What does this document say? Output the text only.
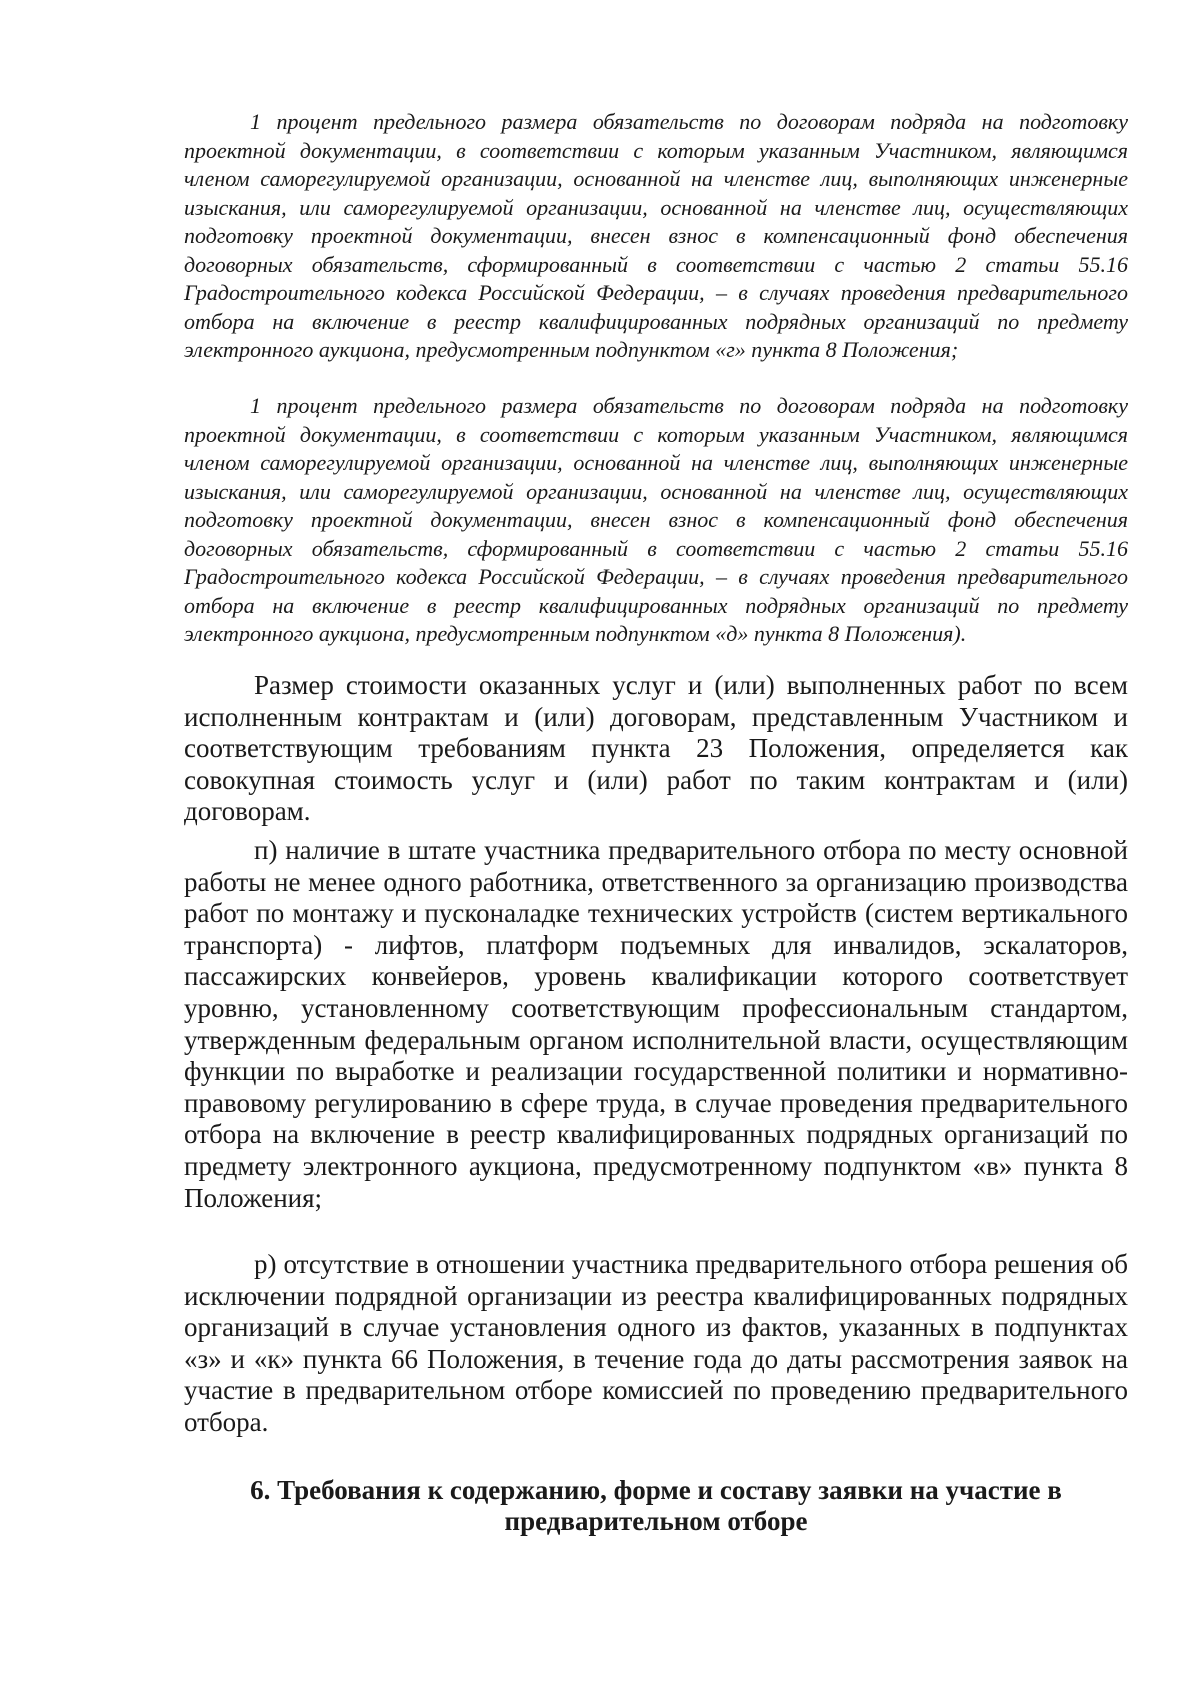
1 процент предельного размера обязательств по договорам подряда на подготовку проектной документации, в соответствии с которым указанным Участником, являющимся членом саморегулируемой организации, основанной на членстве лиц, выполняющих инженерные изыскания, или саморегулируемой организации, основанной на членстве лиц, осуществляющих подготовку проектной документации, внесен взнос в компенсационный фонд обеспечения договорных обязательств, сформированный в соответствии с частью 2 статьи 55.16 Градостроительного кодекса Российской Федерации, – в случаях проведения предварительного отбора на включение в реестр квалифицированных подрядных организаций по предмету электронного аукциона, предусмотренным подпунктом «г» пункта 8 Положения;

1 процент предельного размера обязательств по договорам подряда на подготовку проектной документации, в соответствии с которым указанным Участником, являющимся членом саморегулируемой организации, основанной на членстве лиц, выполняющих инженерные изыскания, или саморегулируемой организации, основанной на членстве лиц, осуществляющих подготовку проектной документации, внесен взнос в компенсационный фонд обеспечения договорных обязательств, сформированный в соответствии с частью 2 статьи 55.16 Градостроительного кодекса Российской Федерации, – в случаях проведения предварительного отбора на включение в реестр квалифицированных подрядных организаций по предмету электронного аукциона, предусмотренным подпунктом «д» пункта 8 Положения).

Размер стоимости оказанных услуг и (или) выполненных работ по всем исполненным контрактам и (или) договорам, представленным Участником и соответствующим требованиям пункта 23 Положения, определяется как совокупная стоимость услуг и (или) работ по таким контрактам и (или) договорам.

п) наличие в штате участника предварительного отбора по месту основной работы не менее одного работника, ответственного за организацию производства работ по монтажу и пусконаладке технических устройств (систем вертикального транспорта) - лифтов, платформ подъемных для инвалидов, эскалаторов, пассажирских конвейеров, уровень квалификации которого соответствует уровню, установленному соответствующим профессиональным стандартом, утвержденным федеральным органом исполнительной власти, осуществляющим функции по выработке и реализации государственной политики и нормативно-правовому регулированию в сфере труда, в случае проведения предварительного отбора на включение в реестр квалифицированных подрядных организаций по предмету электронного аукциона, предусмотренному подпунктом «в» пункта 8 Положения;

р) отсутствие в отношении участника предварительного отбора решения об исключении подрядной организации из реестра квалифицированных подрядных организаций в случае установления одного из фактов, указанных в подпунктах «з» и «к» пункта 66 Положения, в течение года до даты рассмотрения заявок на участие в предварительном отборе комиссией по проведению предварительного отбора.

6. Требования к содержанию, форме и составу заявки на участие в предварительном отборе
